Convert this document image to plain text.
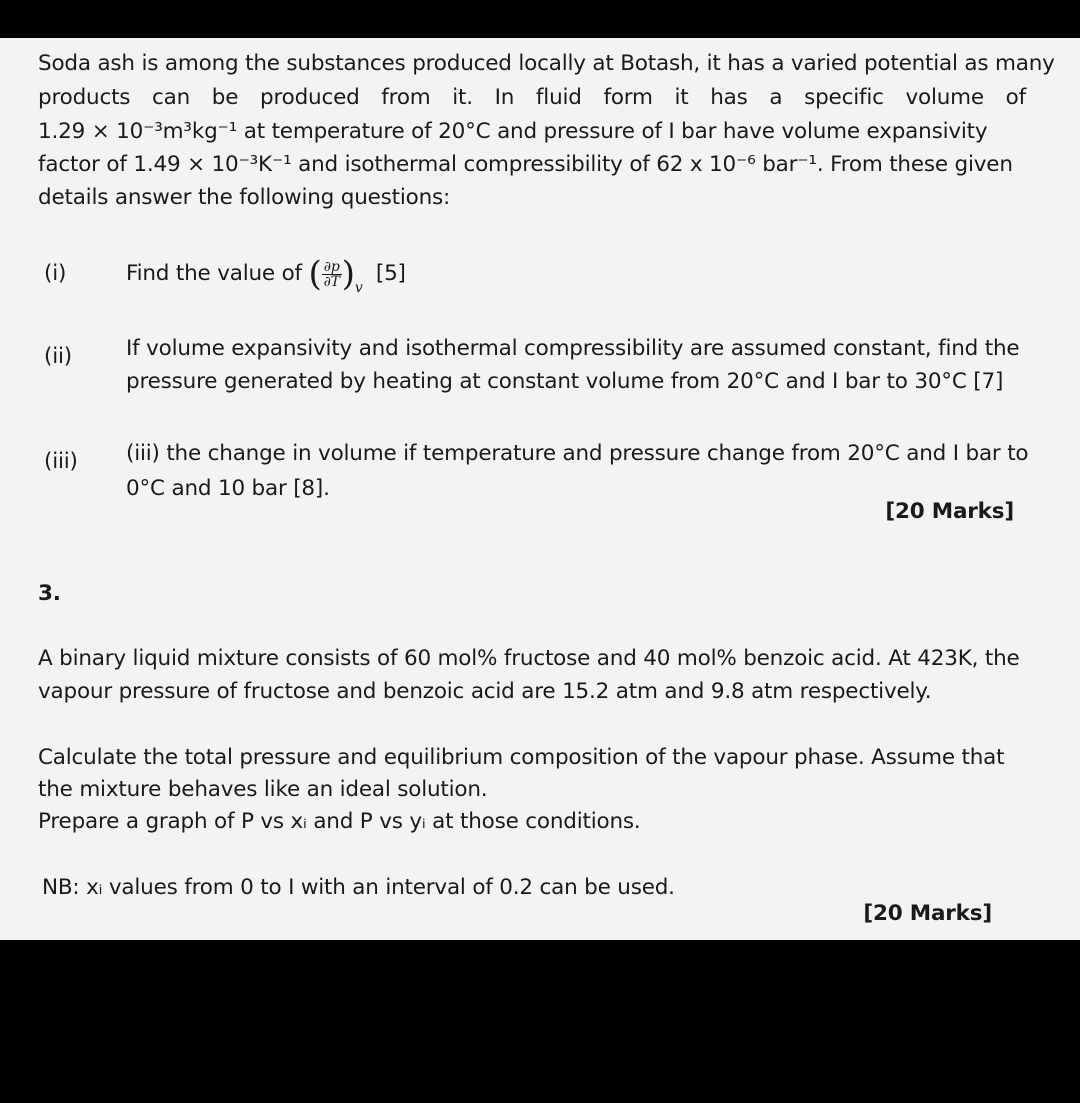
Soda ash is among the substances produced locally at Botash, it has a varied potential as many
products can be produced from it. In fluid form it has a specific volume of
1.29 × 10⁻³m³kg⁻¹ at temperature of 20°C and pressure of I bar have volume expansivity
factor of 1.49 × 10⁻³K⁻¹ and isothermal compressibility of 62 x 10⁻⁶ bar⁻¹. From these given
details answer the following questions:
(i)	Find the value of ( $\frac{\partial p}{\partial T} )_v$  [5]
(ii)	If volume expansivity and isothermal compressibility are assumed constant, find the
pressure generated by heating at constant volume from 20°C and I bar to 30°C [7]
(iii) (iii) the change in volume if temperature and pressure change from 20°C and I bar to
0°C and 10 bar [8].
[20 Marks]
3.
A binary liquid mixture consists of 60 mol% fructose and 40 mol% benzoic acid. At 423K, the
vapour pressure of fructose and benzoic acid are 15.2 atm and 9.8 atm respectively.
Calculate the total pressure and equilibrium composition of the vapour phase. Assume that
the mixture behaves like an ideal solution.
Prepare a graph of P vs xᵢ and P vs yᵢ at those conditions.
NB: xᵢ values from 0 to I with an interval of 0.2 can be used.
[20 Marks]
